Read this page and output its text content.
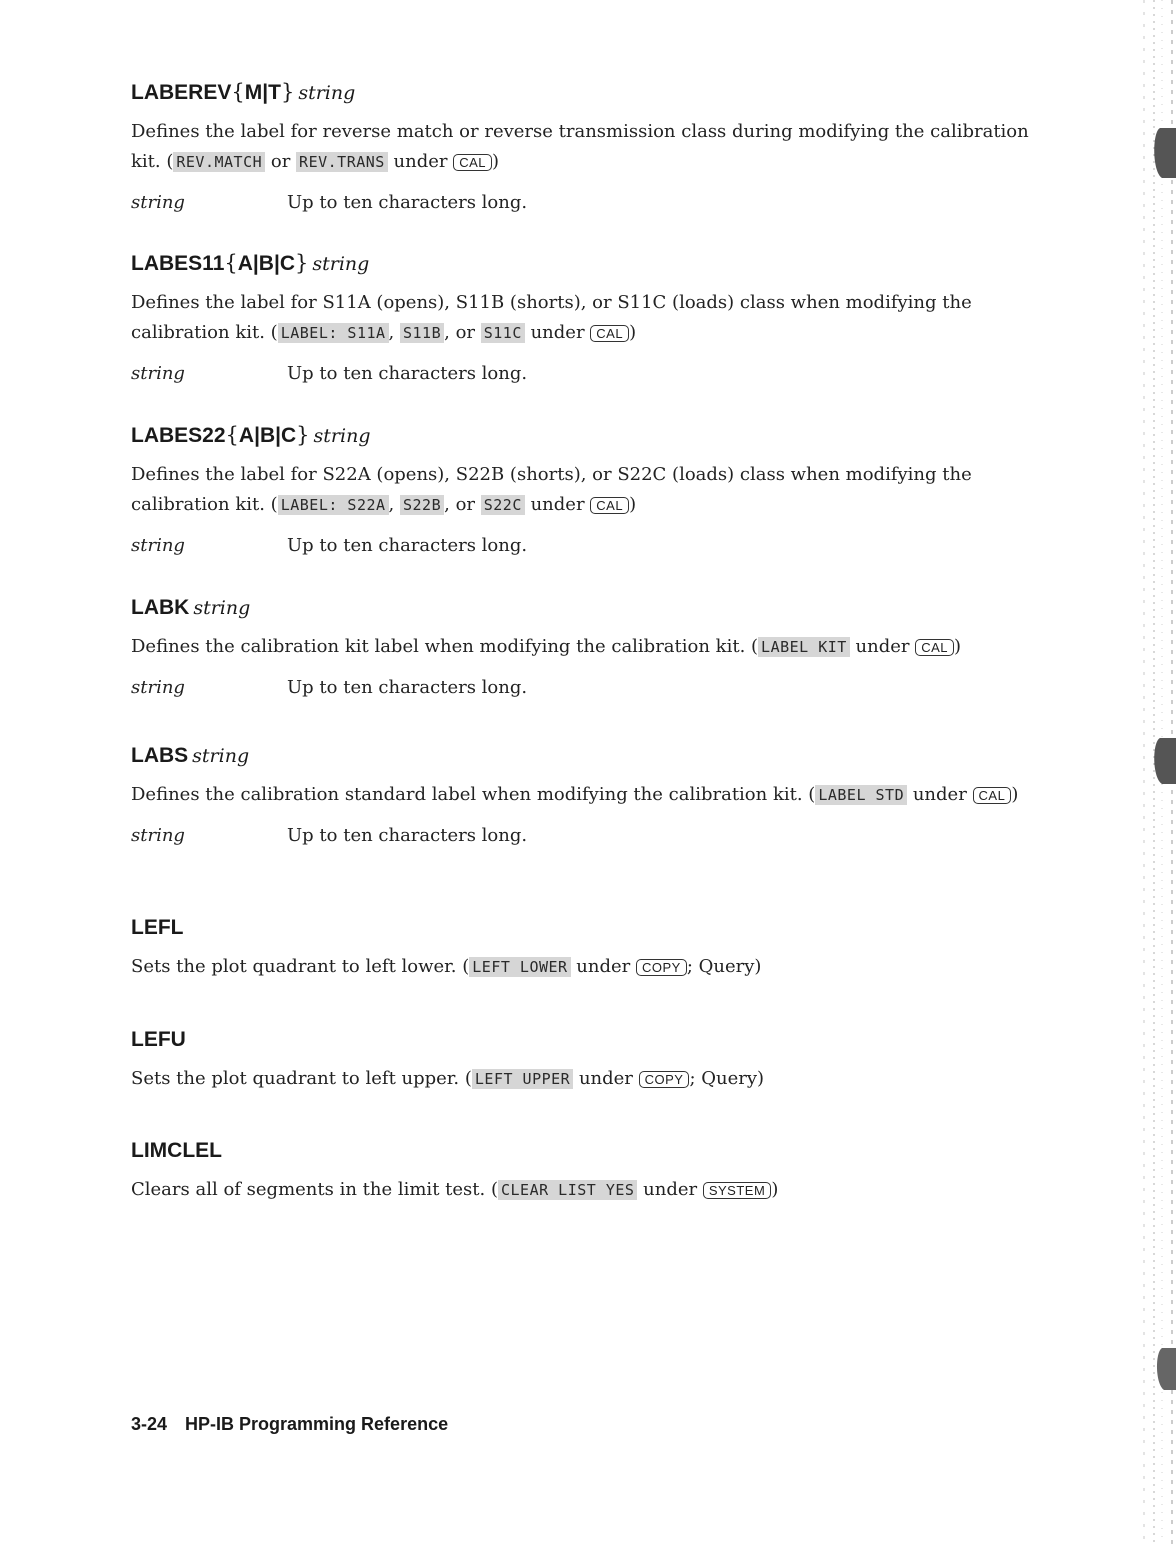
LABEREV{M|T} string
Defines the label for reverse match or reverse transmission class during modifying the calibration kit. ( REV.MATCH or REV.TRANS under CAL )
string	Up to ten characters long.
LABES11{A|B|C} string
Defines the label for S11A (opens), S11B (shorts), or S11C (loads) class when modifying the calibration kit. ( LABEL: S11A , S11B , or S11C under CAL )
string	Up to ten characters long.
LABES22{A|B|C} string
Defines the label for S22A (opens), S22B (shorts), or S22C (loads) class when modifying the calibration kit. ( LABEL: S22A , S22B , or S22C under CAL )
string	Up to ten characters long.
LABK string
Defines the calibration kit label when modifying the calibration kit. ( LABEL KIT under CAL )
string	Up to ten characters long.
LABS string
Defines the calibration standard label when modifying the calibration kit. ( LABEL STD under CAL )
string	Up to ten characters long.
LEFL
Sets the plot quadrant to left lower. ( LEFT LOWER under COPY ; Query)
LEFU
Sets the plot quadrant to left upper. ( LEFT UPPER under COPY ; Query)
LIMCLEL
Clears all of segments in the limit test. ( CLEAR LIST YES under SYSTEM )
3-24 HP-IB Programming Reference
